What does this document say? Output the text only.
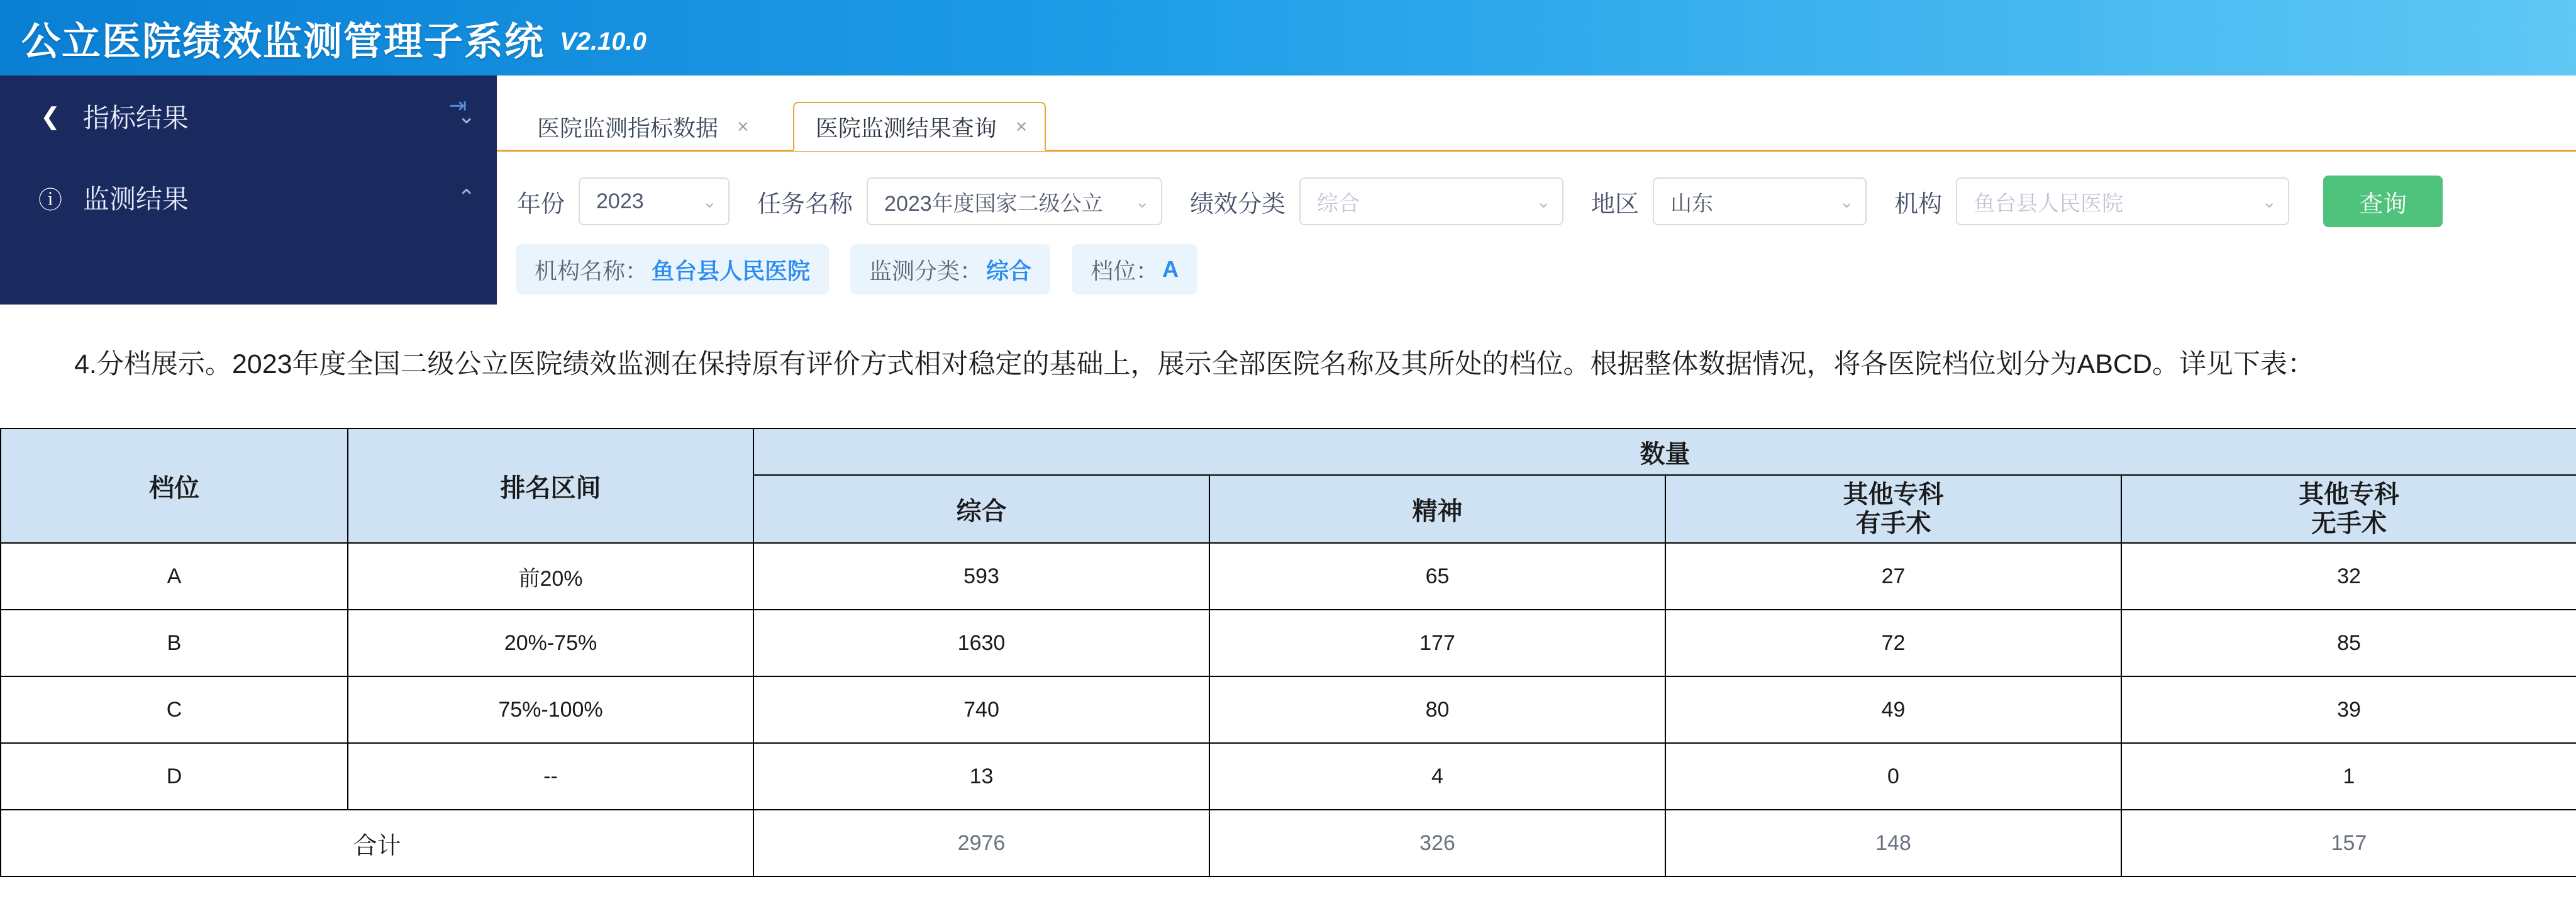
公立医院绩效监测管理子系统 V2.10.0
⇥
❮ 指标结果	⌄
ⓘ 监测结果	⌃
医院监测指标数据 ×	医院监测结果查询 ×
年份 2023	⌄ 任务名称 2023年度国家二级公立	⌄ 绩效分类 综合	⌄ 地区 山东	⌄ 机构 鱼台县人民医院	⌄	查询
机构名称： 鱼台县人民医院	监测分类： 综合	档位： A
4.分档展示。2023年度全国二级公立医院绩效监测在保持原有评价方式相对稳定的基础上，展示全部医院名称及其所处的档位。根据整体数据情况，将各医院档位划分为ABCD。详见下表：
档位	排名区间	数量			
综合	精神	
其他专科
有手术

其他专科
无手术

A	前20%	593	65	27	32
B	20%-75%	1630	177	72	85
C	75%-100%	740	80	49	39
D	--	13	4	0	1
合计		2976	326	148	157
